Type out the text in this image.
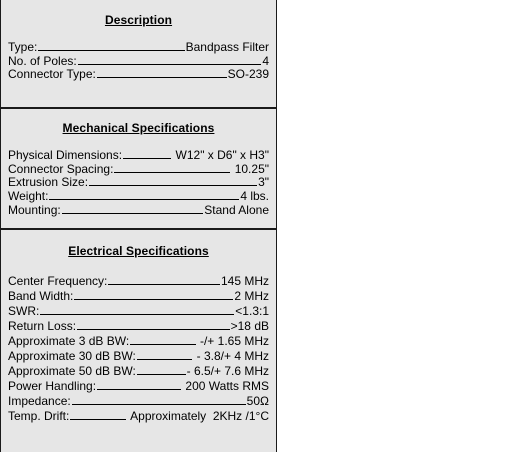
Description
Type:	Bandpass Filter
No. of Poles:	4
Connector Type:	SO-239
Mechanical Specifications
Physical Dimensions:	W12" x D6" x H3"
Connector Spacing:	10.25"
Extrusion Size:	3"
Weight:	4 lbs.
Mounting:	Stand Alone
Electrical Specifications
Center Frequency:	145 MHz
Band Width:	2 MHz
SWR:	<1.3:1
Return Loss:	>18 dB
Approximate 3 dB BW:	-/+ 1.65 MHz
Approximate 30 dB BW:	- 3.8/+ 4 MHz
Approximate 50 dB BW:	- 6.5/+ 7.6 MHz
Power Handling:	200 Watts RMS
Impedance:	50Ω
Temp. Drift:	Approximately  2KHz /1°C
